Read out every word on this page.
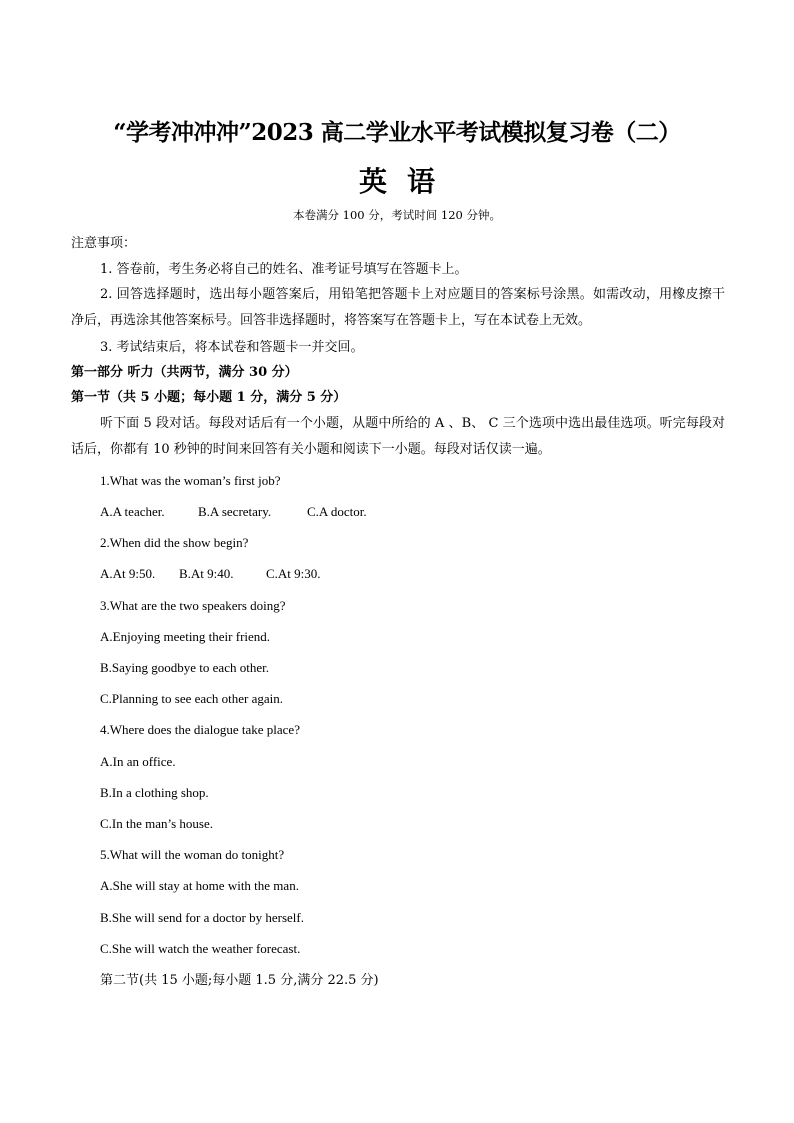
“学考冲冲冲”2023 高二学业水平考试模拟复习卷（二）
英语
本卷满分 100 分，考试时间 120 分钟。
注意事项：
1. 答卷前，考生务必将自己的姓名、准考证号填写在答题卡上。
2. 回答选择题时，选出每小题答案后，用铅笔把答题卡上对应题目的答案标号涂黑。如需改动，用橡皮擦干净后，再选涂其他答案标号。回答非选择题时，将答案写在答题卡上，写在本试卷上无效。
3. 考试结束后，将本试卷和答题卡一并交回。
第一部分 听力（共两节，满分 30 分）
第一节（共 5 小题；每小题 1 分，满分 5 分）
听下面 5 段对话。每段对话后有一个小题，从题中所给的 A 、B、 C 三个选项中选出最佳选项。听完每段对话后，你都有 10 秒钟的时间来回答有关小题和阅读下一小题。每段对话仅读一遍。
1.What was the woman’s first job?
A.A teacher.	B.A secretary.	C.A doctor.
2.When did the show begin?
A.At 9:50. B.At 9:40. C.At 9:30.
3.What are the two speakers doing?
A.Enjoying meeting their friend.
B.Saying goodbye to each other.
C.Planning to see each other again.
4.Where does the dialogue take place?
A.In an office.
B.In a clothing shop.
C.In the man’s house.
5.What will the woman do tonight?
A.She will stay at home with the man.
B.She will send for a doctor by herself.
C.She will watch the weather forecast.
第二节(共 15 小题;每小题 1.5 分,满分 22.5 分)
